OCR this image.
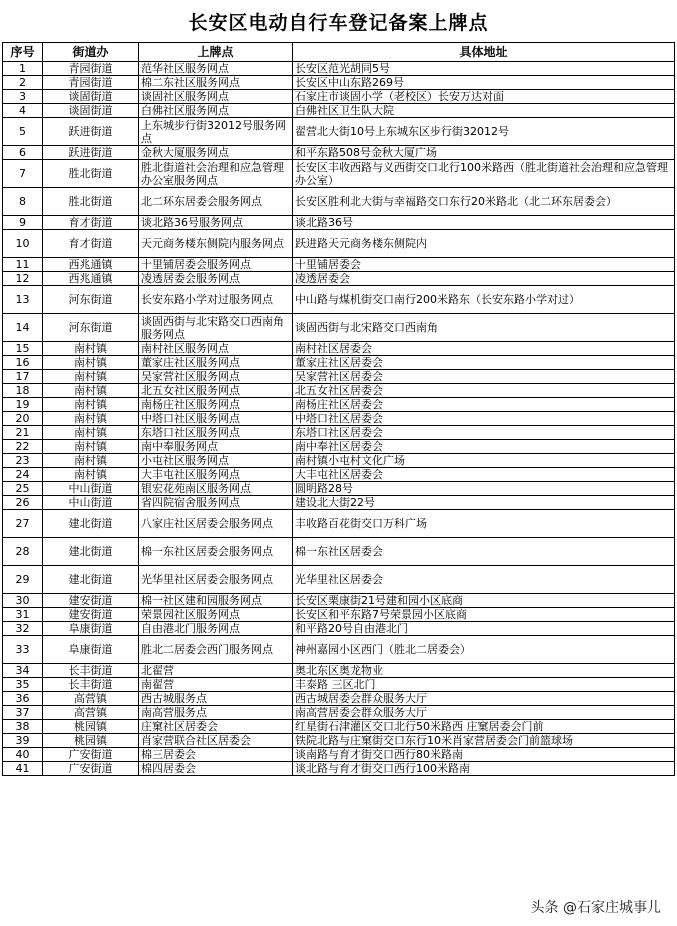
长安区电动自行车登记备案上牌点
序号	街道办	上牌点	具体地址
1	青园街道	范华社区服务网点	长安区范光胡同5号
2	青园街道	棉二东社区服务网点	长安区中山东路269号
3	谈固街道	谈固社区服务网点	石家庄市谈固小学（老校区）长安万达对面
4	谈固街道	白佛社区服务网点	白佛社区卫生队大院
5	跃进街道	上东城步行街32012号服务网点	翟营北大街10号上东城东区步行街32012号
6	跃进街道	金秋大厦服务网点	和平东路508号金秋大厦广场
7	胜北街道	胜北街道社会治理和应急管理办公室服务网点	长安区丰收西路与义西街交口北行100米路西（胜北街道社会治理和应急管理办公室）
8	胜北街道	北二环东居委会服务网点	长安区胜利北大街与幸福路交口东行20米路北（北二环东居委会）
9	育才街道	谈北路36号服务网点	谈北路36号
10	育才街道	天元商务楼东侧院内服务网点	跃进路天元商务楼东侧院内
11	西兆通镇	十里铺居委会服务网点	十里铺居委会
12	西兆通镇	凌透居委会服务网点	凌透居委会
13	河东街道	长安东路小学对过服务网点	中山路与煤机街交口南行200米路东（长安东路小学对过）
14	河东街道	谈固西街与北宋路交口西南角服务网点	谈固西街与北宋路交口西南角
15	南村镇	南村社区服务网点	南村社区居委会
16	南村镇	董家庄社区服务网点	董家庄社区居委会
17	南村镇	吴家营社区服务网点	吴家营社区居委会
18	南村镇	北五女社区服务网点	北五女社区居委会
19	南村镇	南杨庄社区服务网点	南杨庄社区居委会
20	南村镇	中塔口社区服务网点	中塔口社区居委会
21	南村镇	东塔口社区服务网点	东塔口社区居委会
22	南村镇	南中奉服务网点	南中奉社区居委会
23	南村镇	小屯社区服务网点	南村镇小屯村文化广场
24	南村镇	大丰屯社区服务网点	大丰屯社区居委会
25	中山街道	银宏花苑南区服务网点	圆明路28号
26	中山街道	省四院宿舍服务网点	建设北大街22号
27	建北街道	八家庄社区居委会服务网点	丰收路百花街交口万科广场
28	建北街道	棉一东社区居委会服务网点	棉一东社区居委会
29	建北街道	光华里社区居委会服务网点	光华里社区居委会
30	建安街道	棉一社区建和园服务网点	长安区栗康街21号建和园小区底商
31	建安街道	荣景园社区服务网点	长安区和平东路7号荣景园小区底商
32	阜康街道	自由港北门服务网点	和平路20号自由港北门
33	阜康街道	胜北二居委会西门服务网点	神州嘉园小区西门（胜北二居委会）
34	长丰街道	北翟营	奥北东区奥龙物业
35	长丰街道	南翟营	丰泰路 三区北门
36	高营镇	西古城服务点	西古城居委会群众服务大厅
37	高营镇	南高营服务点	南高营居委会群众服务大厅
38	桃园镇	庄窠社区居委会	红星街石津灌区交口北行50米路西 庄窠居委会门前
39	桃园镇	肖家营联合社区居委会	铁院北路与庄窠街交口东行10米肖家营居委会门前篮球场
40	广安街道	棉三居委会	谈南路与育才街交口西行80米路南
41	广安街道	棉四居委会	谈北路与育才街交口西行100米路南
头条 @石家庄城事儿
